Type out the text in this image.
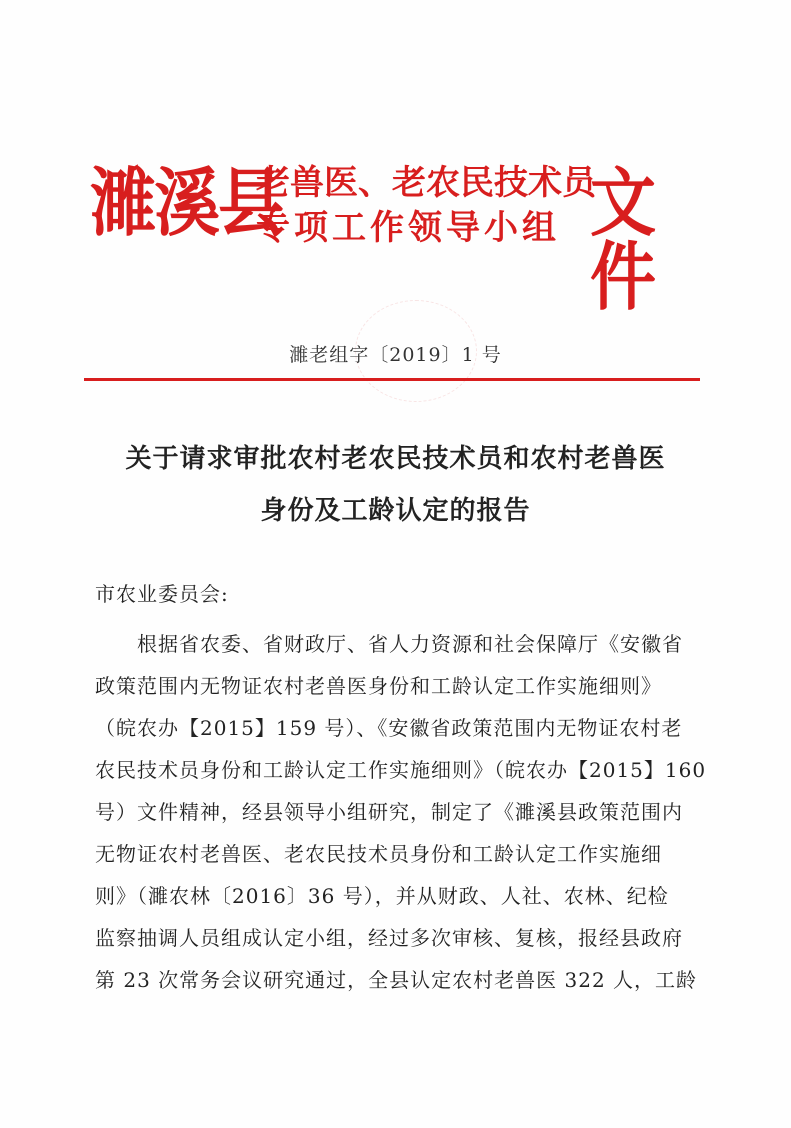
濉溪县
老兽医、老农民技术员
专项工作领导小组 文件
濉老组字〔2019〕1 号
关于请求审批农村老农民技术员和农村老兽医
身份及工龄认定的报告
市农业委员会:
　　根据省农委、省财政厅、省人力资源和社会保障厅《安徽省
政策范围内无物证农村老兽医身份和工龄认定工作实施细则》
（皖农办【2015】159 号）、《安徽省政策范围内无物证农村老
农民技术员身份和工龄认定工作实施细则》（皖农办【2015】160
号）文件精神，经县领导小组研究，制定了《濉溪县政策范围内
无物证农村老兽医、老农民技术员身份和工龄认定工作实施细
则》（濉农林〔2016〕36 号），并从财政、人社、农林、纪检
监察抽调人员组成认定小组，经过多次审核、复核，报经县政府
第 23 次常务会议研究通过，全县认定农村老兽医 322 人，工龄
